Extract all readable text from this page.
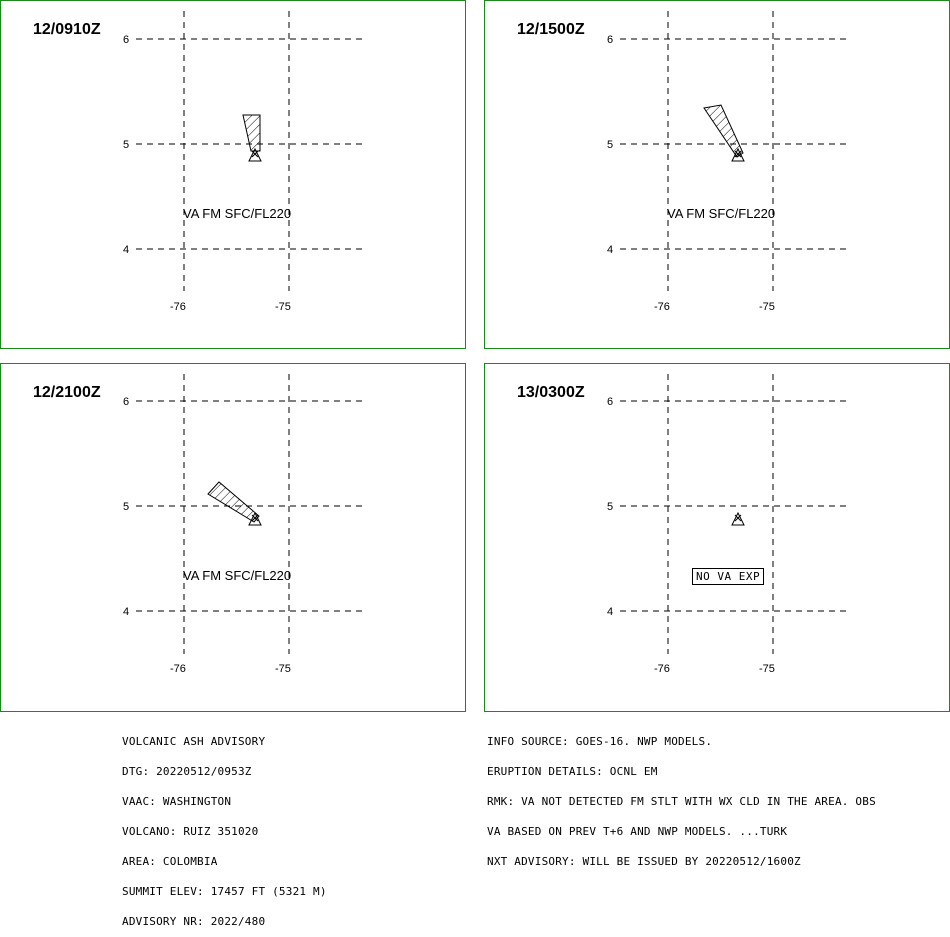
6
5
4
-76	-75
VA FM SFC/FL220
12/0910Z
6
5
4
-76	-75
VA FM SFC/FL220
12/1500Z
6
5
4
-76	-75
VA FM SFC/FL220
12/2100Z
6
5
4
-76	-75
13/0300Z
NO VA EXP

VOLCANIC ASH ADVISORY

DTG: 20220512/0953Z

VAAC: WASHINGTON

VOLCANO: RUIZ 351020

AREA: COLOMBIA

SUMMIT ELEV: 17457 FT (5321 M)

ADVISORY NR: 2022/480

INFO SOURCE: GOES-16. NWP MODELS.

ERUPTION DETAILS: OCNL EM

RMK: VA NOT DETECTED FM STLT WITH WX CLD IN THE AREA. OBS

VA BASED ON PREV T+6 AND NWP MODELS. ...TURK

NXT ADVISORY: WILL BE ISSUED BY 20220512/1600Z
